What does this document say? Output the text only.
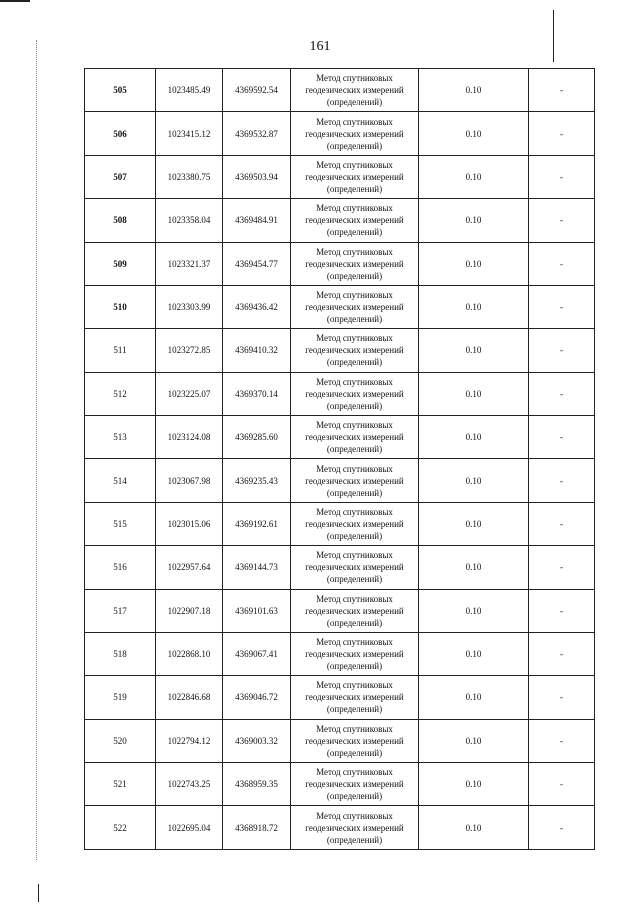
161
505	1023485.49	4369592.54	Метод спутниковых
геодезических измерений
(определений)	0.10	-
506	1023415.12	4369532.87	Метод спутниковых
геодезических измерений
(определений)	0.10	-
507	1023380.75	4369503.94	Метод спутниковых
геодезических измерений
(определений)	0.10	-
508	1023358.04	4369484.91	Метод спутниковых
геодезических измерений
(определений)	0.10	-
509	1023321.37	4369454.77	Метод спутниковых
геодезических измерений
(определений)	0.10	-
510	1023303.99	4369436.42	Метод спутниковых
геодезических измерений
(определений)	0.10	-
511	1023272.85	4369410.32	Метод спутниковых
геодезических измерений
(определений)	0.10	-
512	1023225.07	4369370.14	Метод спутниковых
геодезических измерений
(определений)	0.10	-
513	1023124.08	4369285.60	Метод спутниковых
геодезических измерений
(определений)	0.10	-
514	1023067.98	4369235.43	Метод спутниковых
геодезических измерений
(определений)	0.10	-
515	1023015.06	4369192.61	Метод спутниковых
геодезических измерений
(определений)	0.10	-
516	1022957.64	4369144.73	Метод спутниковых
геодезических измерений
(определений)	0.10	-
517	1022907.18	4369101.63	Метод спутниковых
геодезических измерений
(определений)	0.10	-
518	1022868.10	4369067.41	Метод спутниковых
геодезических измерений
(определений)	0.10	-
519	1022846.68	4369046.72	Метод спутниковых
геодезических измерений
(определений)	0.10	-
520	1022794.12	4369003.32	Метод спутниковых
геодезических измерений
(определений)	0.10	-
521	1022743.25	4368959.35	Метод спутниковых
геодезических измерений
(определений)	0.10	-
522	1022695.04	4368918.72	Метод спутниковых
геодезических измерений
(определений)	0.10	-
